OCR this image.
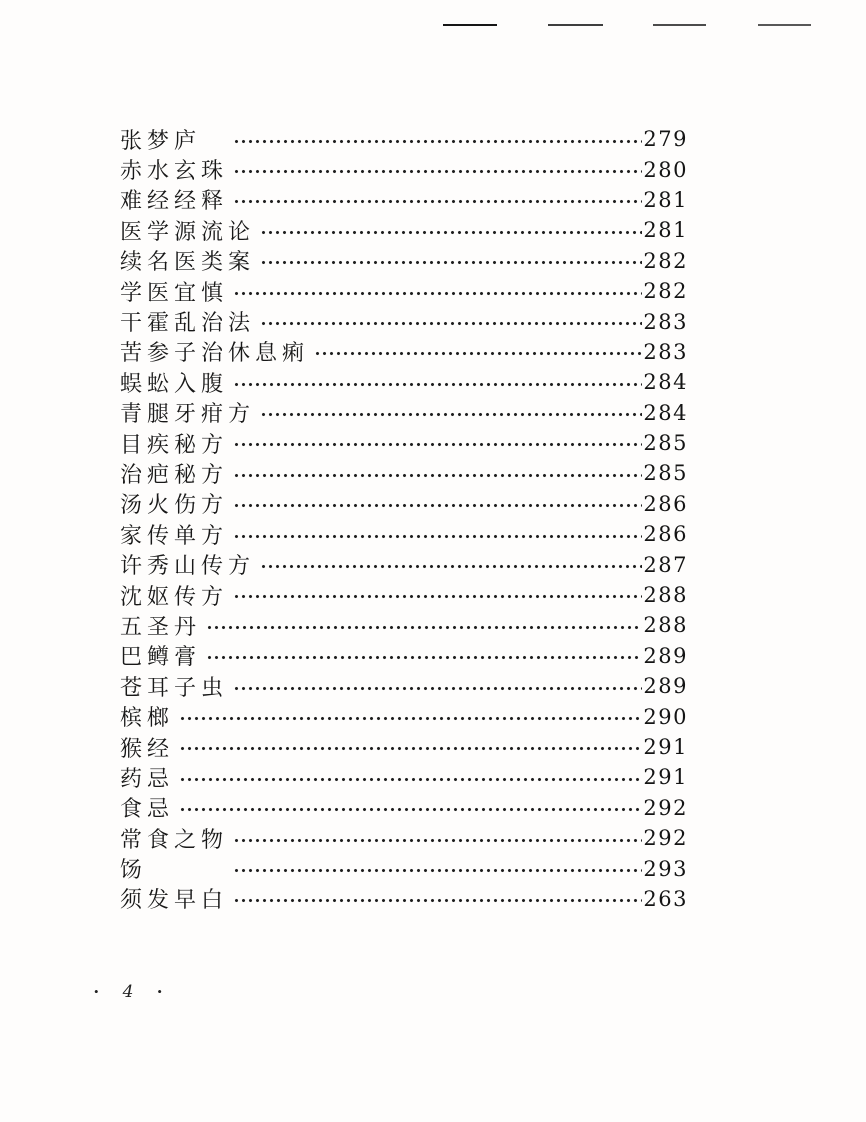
张梦庐	279
赤水玄珠	280
难经经释	281
医学源流论	281
续名医类案	282
学医宜慎	282
干霍乱治法	283
苦参子治休息痢	283
蜈蚣入腹	284
青腿牙疳方	284
目疾秘方	285
治疤秘方	285
汤火伤方	286
家传单方	286
许秀山传方	287
沈妪传方	288
五圣丹	288
巴鳟膏	289
苍耳子虫	289
槟榔	290
猴经	291
药忌	291
食忌	292
常食之物	292
饧	293
须发早白	263
• 4 •
